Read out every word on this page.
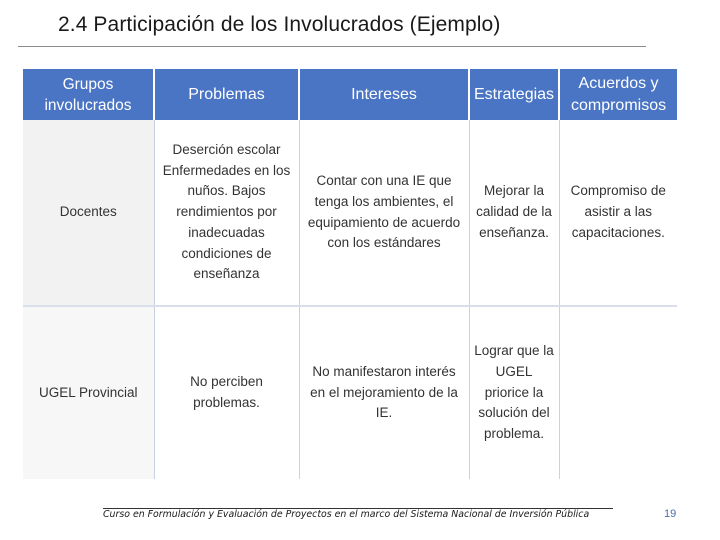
2.4 Participación de los Involucrados (Ejemplo)
Grupos involucrados	Problemas	Intereses	Estrategias	Acuerdos y compromisos
Docentes	Deserción escolar Enfermedades en los nuños. Bajos rendimientos por inadecuadas condiciones de enseñanza	Contar con una IE que tenga los ambientes, el equipamiento de acuerdo con los estándares	Mejorar la calidad de la enseñanza.	Compromiso de asistir a las capacitaciones.
UGEL Provincial	No perciben problemas.	No manifestaron interés en el mejoramiento de la IE.	Lograr que la UGEL priorice la solución del problema.	
Curso en Formulación y Evaluación de Proyectos en el marco del Sistema Nacional de Inversión Pública	19
